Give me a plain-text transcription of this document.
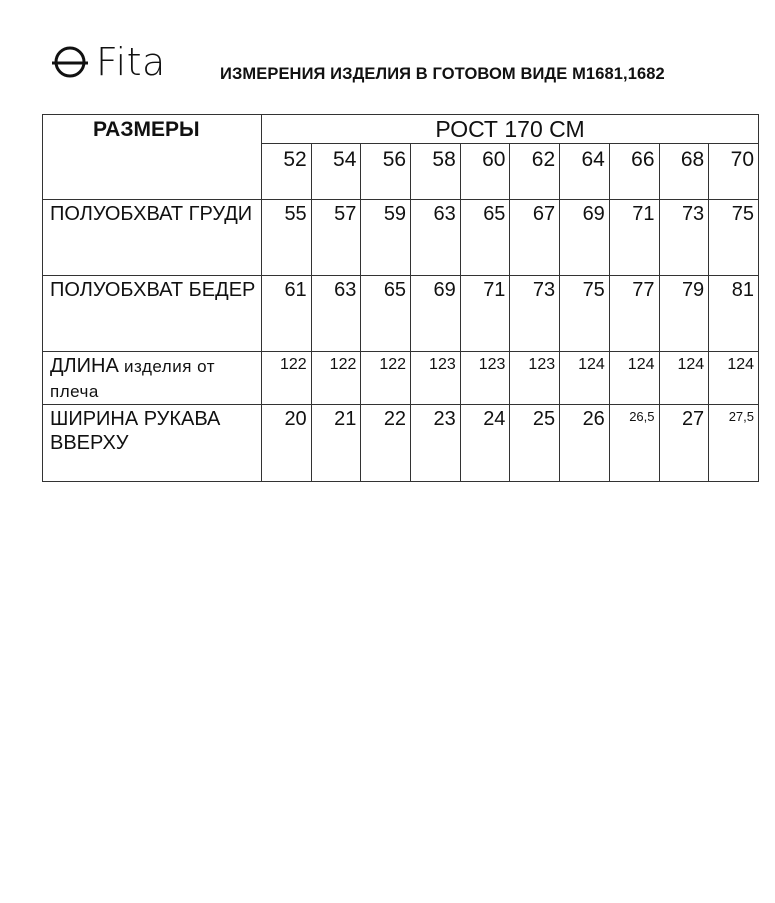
Fita	ИЗМЕРЕНИЯ ИЗДЕЛИЯ В ГОТОВОМ ВИДЕ М1681,1682
РАЗМЕРЫ	РОСТ 170 СМ									
	52	54	56	58	60	62	64	66	68	70
ПОЛУОБХВАТ ГРУДИ	55	57	59	63	65	67	69	71	73	75
ПОЛУОБХВАТ БЕДЕР	61	63	65	69	71	73	75	77	79	81
ДЛИНА изделия от плеча	122	122	122	123	123	123	124	124	124	124
ШИРИНА РУКАВА ВВЕРХУ	20	21	22	23	24	25	26	26,5	27	27,5
